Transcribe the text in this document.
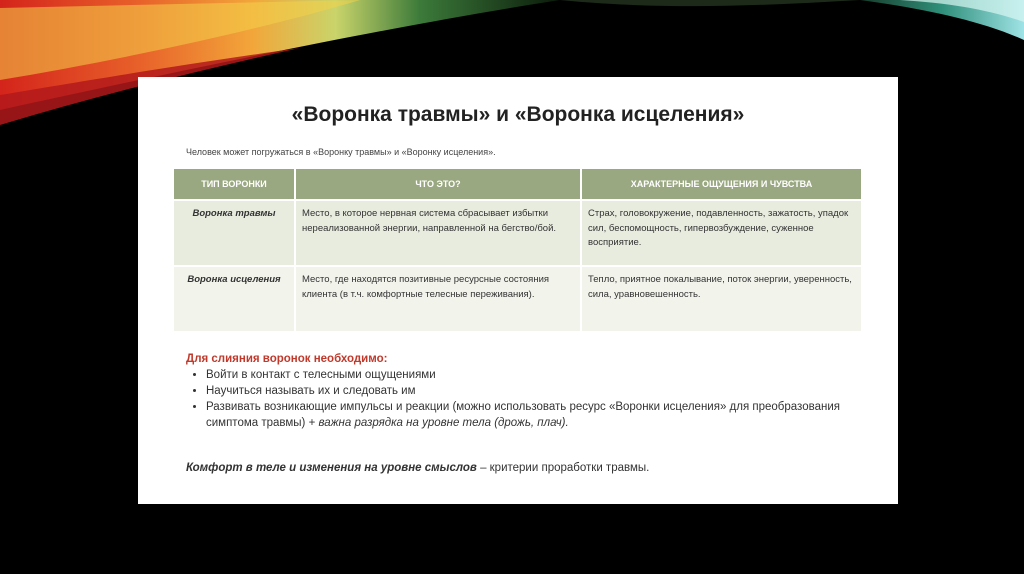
«Воронка травмы» и «Воронка исцеления»
Человек может погружаться в «Воронку травмы» и «Воронку исцеления».
ТИП ВОРОНКИ	ЧТО ЭТО?	ХАРАКТЕРНЫЕ ОЩУЩЕНИЯ И ЧУВСТВА
Воронка травмы	Место, в которое нервная система сбрасывает избытки нереализованной энергии, направленной на бегство/бой.	Страх, головокружение, подавленность, зажатость, упадок сил, беспомощность, гипервозбуждение, суженное восприятие.
Воронка исцеления	Место, где находятся позитивные ресурсные состояния клиента (в т.ч. комфортные телесные переживания).	Тепло, приятное покалывание, поток энергии, уверенность, сила, уравновешенность.
Для слияния воронок необходимо:
• Войти в контакт с телесными ощущениями
• Научиться называть их и следовать им
• Развивать возникающие импульсы и реакции (можно использовать ресурс «Воронки исцеления» для преобразования симптома травмы) + важна разрядка на уровне тела (дрожь, плач).
Комфорт в теле и изменения на уровне смыслов – критерии проработки травмы.
